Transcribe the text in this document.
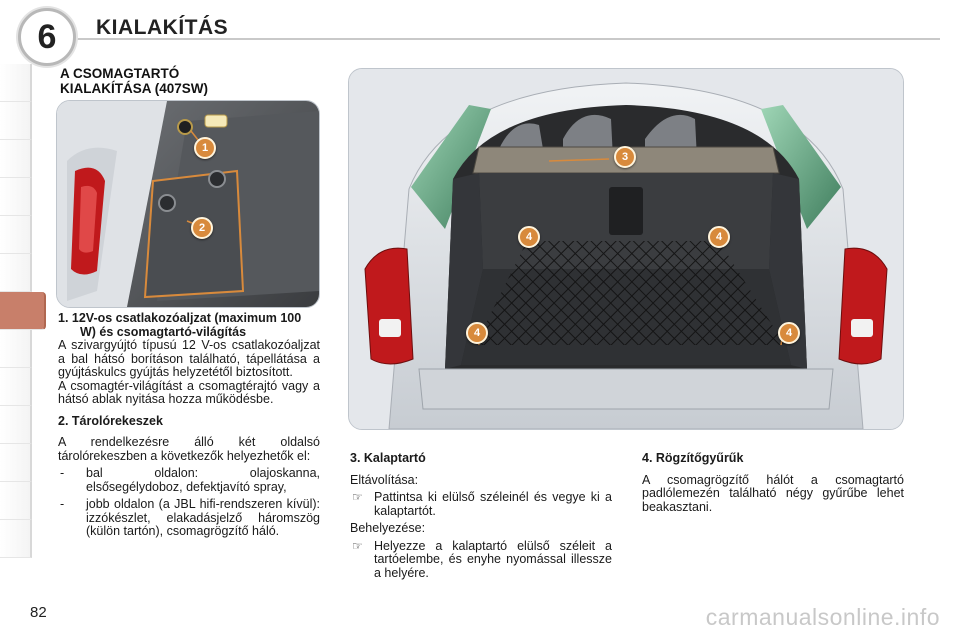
6 KIALAKÍTÁS
A CSOMAGTARTÓ
KIALAKÍTÁSA (407SW)
1
2
3
4	4
4	4

1. 12V-os csatlakozóaljzat (maximum 100 W) és csomagtartó-világítás

A szivargyújtó típusú 12 V-os csatlakozóaljzat a bal hátsó borításon található, tápellátása a gyújtáskulcs gyújtás helyzetétől biztosított.

A csomagtér-világítást a csomagtérajtó vagy a hátsó ablak nyitása hozza működésbe.

2. Tárolórekeszek

A rendelkezésre álló két oldalsó tárolórekeszben a következők helyezhetők el:

- bal oldalon: olajoskanna, elsősegélydoboz, defektjavító spray,

- jobb oldalon (a JBL hifi-rendszeren kívül): izzókészlet, elakadásjelző háromszög (külön tartón), csomagrögzítő háló.

3. Kalaptartó

Eltávolítása:

☞ Pattintsa ki elülső széleinél és vegye ki a kalaptartót.

Behelyezése:

☞ Helyezze a kalaptartó elülső széleit a tartóelembe, és enyhe nyomással illessze a helyére.

4. Rögzítőgyűrűk

A csomagrögzítő hálót a csomagtartó padlólemezén található négy gyűrűbe lehet beakasztani.

82	carmanualsonline.info
